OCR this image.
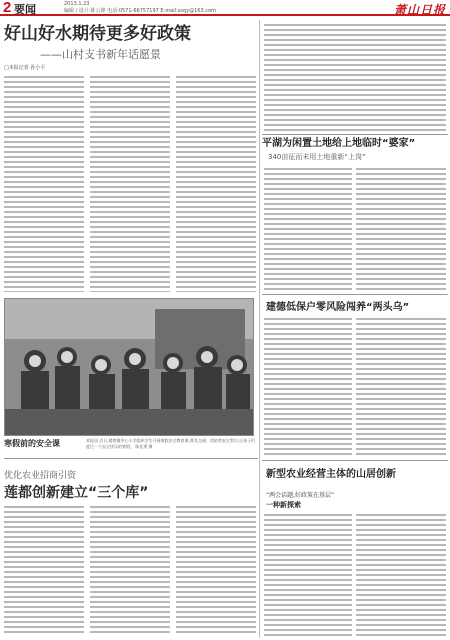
2 要闻	2013.1.23
编辑 / 设计:陈云锋 电话:0571-66757197 E-mail:ssqy@163.com	萧山日报
好山好水期待更多好政策
——山村支书新年话愿景
□本报记者 孙小平
寒假前的安全课	本报讯 近日,楼塔镇中心小学组织学生开展寒假安全教育课,普及交通、消防等安全常识,让孩子们度过一个安全快乐的寒假。 陈佳勇 摄
平湖为闲置土地给上地临时“婆家”
340亩征而未用土地重新“上岗”
建德低保户零风险闯养“两头乌”
新型农业经营主体的山居创新
“两会话题,好政策在基层”
一种新探索
优化农业招商引资
莲都创新建立“三个库”
